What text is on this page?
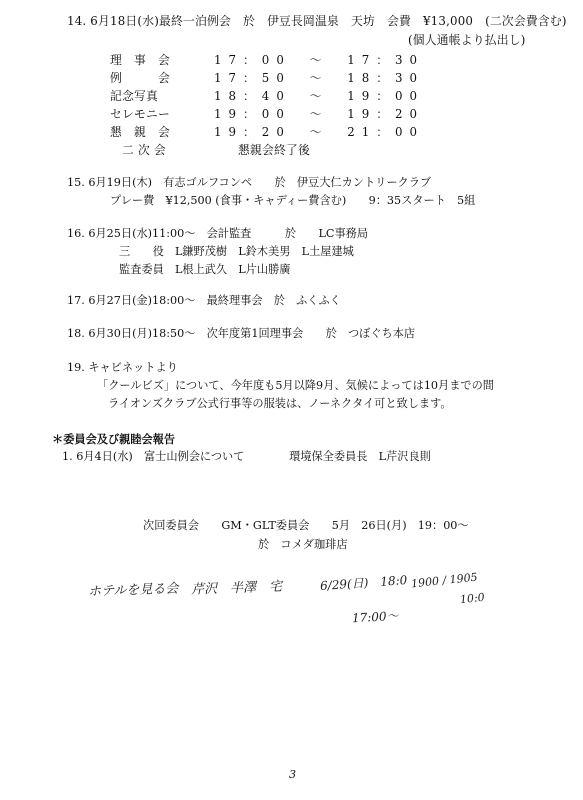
14. 6月18日(水)最終一泊例会　於　伊豆長岡温泉　天坊　会費　¥13,000　(二次会費含む)
(個人通帳より払出し)
理　事　会	17：00　～　17：30
例　　　会	17：50　～　18：30
記念写真	18：40　～　19：00
セレモニー	19：00　～　19：20
懇　親　会	19：20　～　21：00
二 次 会	懇親会終了後
15. 6月19日(木)　有志ゴルフコンペ　　於　伊豆大仁カントリークラブ
プレー費　¥12,500 (食事・キャディー費含む)　　9：35スタート　5組
16. 6月25日(水)11:00～　会計監査　　　於　　LC事務局
三　　役　L鎌野茂樹　L鈴木美男　L土屋建城
監査委員　L根上武久　L片山勝廣
17. 6月27日(金)18:00～　最終理事会　於　ふくふく
18. 6月30日(月)18:50～　次年度第1回理事会　　於　つぼぐち本店
19. キャビネットより
「クールビズ」について、今年度も5月以降9月、気候によっては10月までの間
ライオンズクラブ公式行事等の服装は、ノーネクタイ可と致します。
＊委員会及び親睦会報告
1. 6月4日(水)　富士山例会について　　　　環境保全委員長　L芹沢良則
次回委員会　　GM・GLT委員会　　5月　26日(月)　19：00～
於　コメダ珈琲店
ホテルを見る会 芹沢　半澤　宅	6/29(日)　18:0 1900 / 1905
10:0
17:00～
3
